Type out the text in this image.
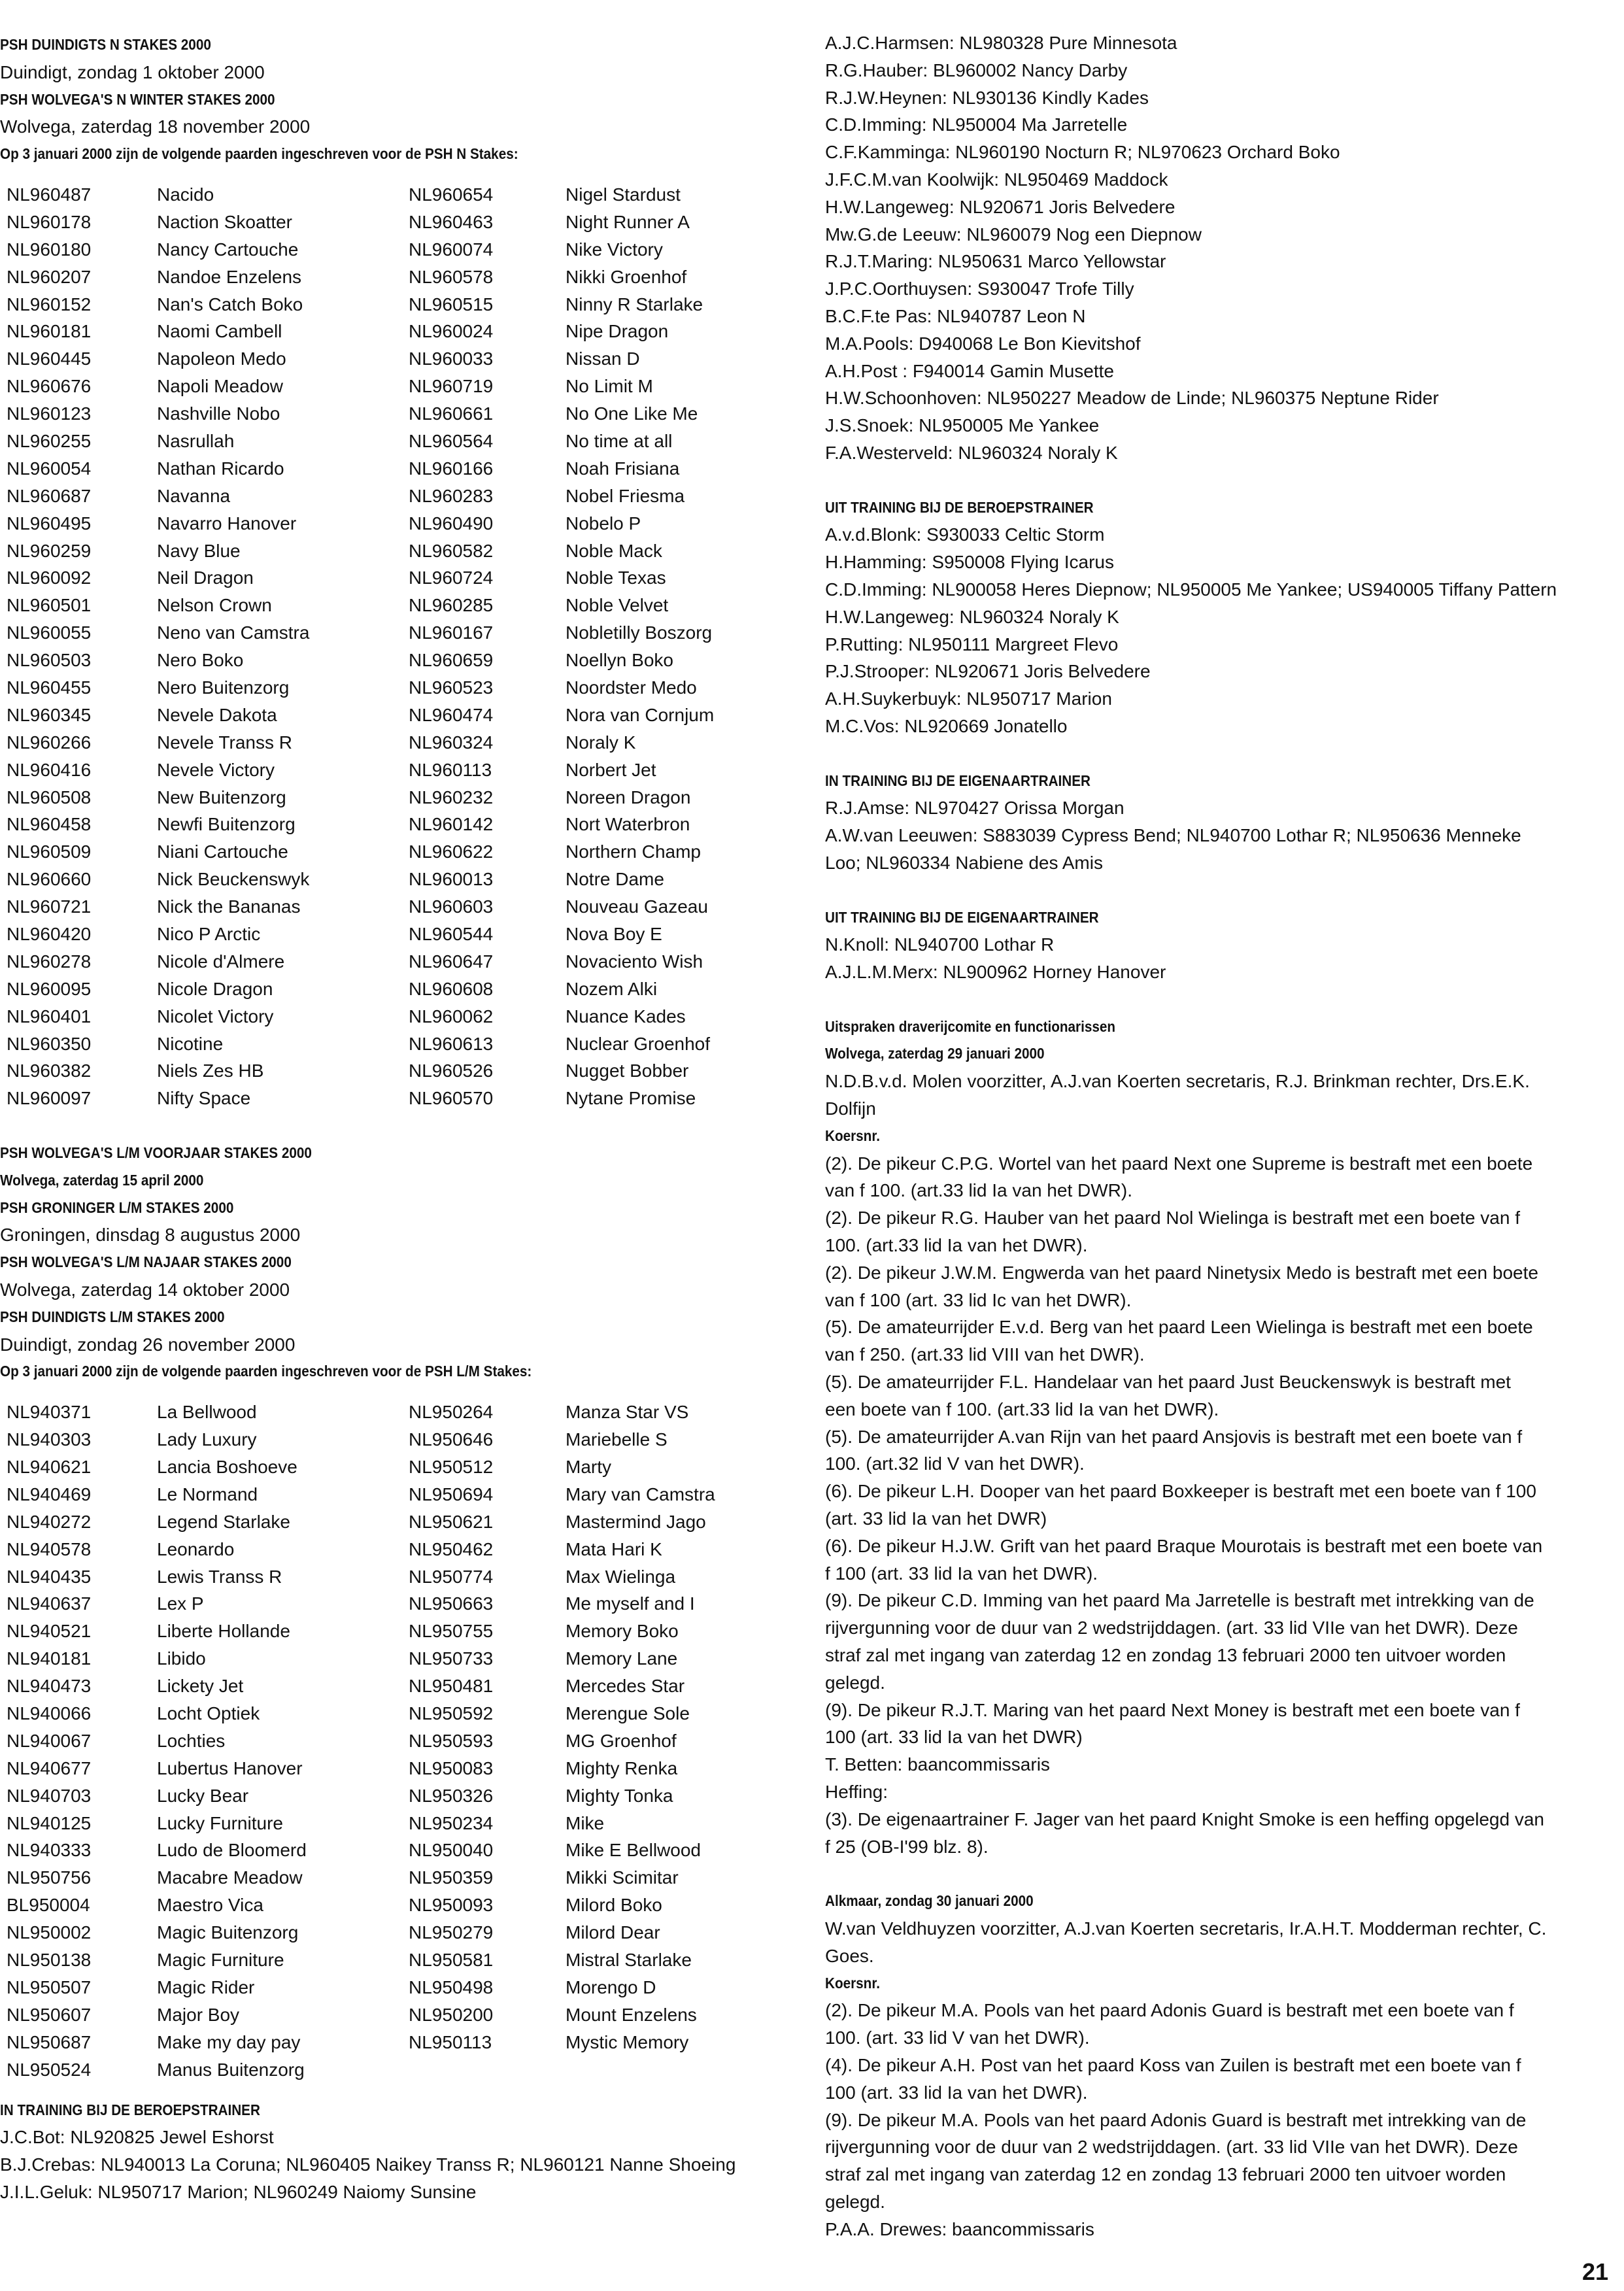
PSH DUINDIGTS N STAKES 2000
Duindigt, zondag 1 oktober 2000
PSH WOLVEGA'S N WINTER STAKES 2000
Wolvega, zaterdag 18 november 2000
Op 3 januari 2000 zijn de volgende paarden ingeschreven voor de PSH N Stakes:
NL960487	Nacido	NL960654	Nigel Stardust
NL960178	Naction Skoatter	NL960463	Night Runner A
NL960180	Nancy Cartouche	NL960074	Nike Victory
NL960207	Nandoe Enzelens	NL960578	Nikki Groenhof
NL960152	Nan's Catch Boko	NL960515	Ninny R Starlake
NL960181	Naomi Cambell	NL960024	Nipe Dragon
NL960445	Napoleon Medo	NL960033	Nissan D
NL960676	Napoli Meadow	NL960719	No Limit M
NL960123	Nashville Nobo	NL960661	No One Like Me
NL960255	Nasrullah	NL960564	No time at all
NL960054	Nathan Ricardo	NL960166	Noah Frisiana
NL960687	Navanna	NL960283	Nobel Friesma
NL960495	Navarro Hanover	NL960490	Nobelo P
NL960259	Navy Blue	NL960582	Noble Mack
NL960092	Neil Dragon	NL960724	Noble Texas
NL960501	Nelson Crown	NL960285	Noble Velvet
NL960055	Neno van Camstra	NL960167	Nobletilly Boszorg
NL960503	Nero Boko	NL960659	Noellyn Boko
NL960455	Nero Buitenzorg	NL960523	Noordster Medo
NL960345	Nevele Dakota	NL960474	Nora van Cornjum
NL960266	Nevele Transs R	NL960324	Noraly K
NL960416	Nevele Victory	NL960113	Norbert Jet
NL960508	New Buitenzorg	NL960232	Noreen Dragon
NL960458	Newfi Buitenzorg	NL960142	Nort Waterbron
NL960509	Niani Cartouche	NL960622	Northern Champ
NL960660	Nick Beuckenswyk	NL960013	Notre Dame
NL960721	Nick the Bananas	NL960603	Nouveau Gazeau
NL960420	Nico P Arctic	NL960544	Nova Boy E
NL960278	Nicole d'Almere	NL960647	Novaciento Wish
NL960095	Nicole Dragon	NL960608	Nozem Alki
NL960401	Nicolet Victory	NL960062	Nuance Kades
NL960350	Nicotine	NL960613	Nuclear Groenhof
NL960382	Niels Zes HB	NL960526	Nugget Bobber
NL960097	Nifty Space	NL960570	Nytane Promise
PSH WOLVEGA'S L/M VOORJAAR STAKES 2000
Wolvega, zaterdag 15 april 2000
PSH GRONINGER L/M STAKES 2000
Groningen, dinsdag 8 augustus 2000
PSH WOLVEGA'S L/M NAJAAR STAKES 2000
Wolvega, zaterdag 14 oktober 2000
PSH DUINDIGTS L/M STAKES 2000
Duindigt, zondag 26 november 2000
Op 3 januari 2000 zijn de volgende paarden ingeschreven voor de PSH L/M Stakes:
NL940371	La Bellwood	NL950264	Manza Star VS
NL940303	Lady Luxury	NL950646	Mariebelle S
NL940621	Lancia Boshoeve	NL950512	Marty
NL940469	Le Normand	NL950694	Mary van Camstra
NL940272	Legend Starlake	NL950621	Mastermind Jago
NL940578	Leonardo	NL950462	Mata Hari K
NL940435	Lewis Transs R	NL950774	Max Wielinga
NL940637	Lex P	NL950663	Me myself and I
NL940521	Liberte Hollande	NL950755	Memory Boko
NL940181	Libido	NL950733	Memory Lane
NL940473	Lickety Jet	NL950481	Mercedes Star
NL940066	Locht Optiek	NL950592	Merengue Sole
NL940067	Lochties	NL950593	MG Groenhof
NL940677	Lubertus Hanover	NL950083	Mighty Renka
NL940703	Lucky Bear	NL950326	Mighty Tonka
NL940125	Lucky Furniture	NL950234	Mike
NL940333	Ludo de Bloomerd	NL950040	Mike E Bellwood
NL950756	Macabre Meadow	NL950359	Mikki Scimitar
BL950004	Maestro Vica	NL950093	Milord Boko
NL950002	Magic Buitenzorg	NL950279	Milord Dear
NL950138	Magic Furniture	NL950581	Mistral Starlake
NL950507	Magic Rider	NL950498	Morengo D
NL950607	Major Boy	NL950200	Mount Enzelens
NL950687	Make my day pay	NL950113	Mystic Memory
NL950524	Manus Buitenzorg
IN TRAINING BIJ DE BEROEPSTRAINER
J.C.Bot: NL920825 Jewel Eshorst
B.J.Crebas: NL940013 La Coruna; NL960405 Naikey Transs R; NL960121 Nanne Shoeing
J.I.L.Geluk: NL950717 Marion; NL960249 Naiomy Sunsine
A.J.C.Harmsen: NL980328 Pure Minnesota
R.G.Hauber: BL960002 Nancy Darby
R.J.W.Heynen: NL930136 Kindly Kades
C.D.Imming: NL950004 Ma Jarretelle
C.F.Kamminga: NL960190 Nocturn R; NL970623 Orchard Boko
J.F.C.M.van Koolwijk: NL950469 Maddock
H.W.Langeweg: NL920671 Joris Belvedere
Mw.G.de Leeuw: NL960079 Nog een Diepnow
R.J.T.Maring: NL950631 Marco Yellowstar
J.P.C.Oorthuysen: S930047 Trofe Tilly
B.C.F.te Pas: NL940787 Leon N
M.A.Pools: D940068 Le Bon Kievitshof
A.H.Post : F940014 Gamin Musette
H.W.Schoonhoven: NL950227 Meadow de Linde; NL960375 Neptune Rider
J.S.Snoek: NL950005 Me Yankee
F.A.Westerveld: NL960324 Noraly K
UIT TRAINING BIJ DE BEROEPSTRAINER
A.v.d.Blonk: S930033 Celtic Storm
H.Hamming: S950008 Flying Icarus
C.D.Imming: NL900058 Heres Diepnow; NL950005 Me Yankee; US940005 Tiffany Pattern
H.W.Langeweg: NL960324 Noraly K
P.Rutting: NL950111 Margreet Flevo
P.J.Strooper: NL920671 Joris Belvedere
A.H.Suykerbuyk: NL950717 Marion
M.C.Vos: NL920669 Jonatello
IN TRAINING BIJ DE EIGENAARTRAINER
R.J.Amse: NL970427 Orissa Morgan
A.W.van Leeuwen: S883039 Cypress Bend; NL940700 Lothar R; NL950636 Menneke
Loo; NL960334 Nabiene des Amis
UIT TRAINING BIJ DE EIGENAARTRAINER
N.Knoll: NL940700 Lothar R
A.J.L.M.Merx: NL900962 Horney Hanover
Uitspraken draverijcomite en functionarissen
Wolvega, zaterdag 29 januari 2000
N.D.B.v.d. Molen voorzitter, A.J.van Koerten secretaris, R.J. Brinkman rechter, Drs.E.K.
Dolfijn
Koersnr.
(2). De pikeur C.P.G. Wortel van het paard Next one Supreme is bestraft met een boete
van f 100. (art.33 lid Ia van het DWR).
(2). De pikeur R.G. Hauber van het paard Nol Wielinga is bestraft met een boete van f
100. (art.33 lid Ia van het DWR).
(2). De pikeur J.W.M. Engwerda van het paard Ninetysix Medo is bestraft met een boete
van f 100 (art. 33 lid Ic van het DWR).
(5). De amateurrijder E.v.d. Berg van het paard Leen Wielinga is bestraft met een boete
van f 250. (art.33 lid VIII van het DWR).
(5). De amateurrijder F.L. Handelaar van het paard Just Beuckenswyk is bestraft met
een boete van f 100. (art.33 lid Ia van het DWR).
(5). De amateurrijder A.van Rijn van het paard Ansjovis is bestraft met een boete van f
100. (art.32 lid V van het DWR).
(6). De pikeur L.H. Dooper van het paard Boxkeeper is bestraft met een boete van f 100
(art. 33 lid Ia van het DWR)
(6). De pikeur H.J.W. Grift van het paard Braque Mourotais is bestraft met een boete van
f 100 (art. 33 lid Ia van het DWR).
(9). De pikeur C.D. Imming van het paard Ma Jarretelle is bestraft met intrekking van de
rijvergunning voor de duur van 2 wedstrijddagen. (art. 33 lid VIIe van het DWR). Deze
straf zal met ingang van zaterdag 12 en zondag 13 februari 2000 ten uitvoer worden
gelegd.
(9). De pikeur R.J.T. Maring van het paard Next Money is bestraft met een boete van f
100 (art. 33 lid Ia van het DWR)
T. Betten: baancommissaris
Heffing:
(3). De eigenaartrainer F. Jager van het paard Knight Smoke is een heffing opgelegd van
f 25 (OB-I'99 blz. 8).
Alkmaar, zondag 30 januari 2000
W.van Veldhuyzen voorzitter, A.J.van Koerten secretaris, Ir.A.H.T. Modderman rechter, C.
Goes.
Koersnr.
(2). De pikeur M.A. Pools van het paard Adonis Guard is bestraft met een boete van f
100. (art. 33 lid V van het DWR).
(4). De pikeur A.H. Post van het paard Koss van Zuilen is bestraft met een boete van f
100 (art. 33 lid Ia van het DWR).
(9). De pikeur M.A. Pools van het paard Adonis Guard is bestraft met intrekking van de
rijvergunning voor de duur van 2 wedstrijddagen. (art. 33 lid VIIe van het DWR). Deze
straf zal met ingang van zaterdag 12 en zondag 13 februari 2000 ten uitvoer worden
gelegd.
P.A.A. Drewes: baancommissaris
21
